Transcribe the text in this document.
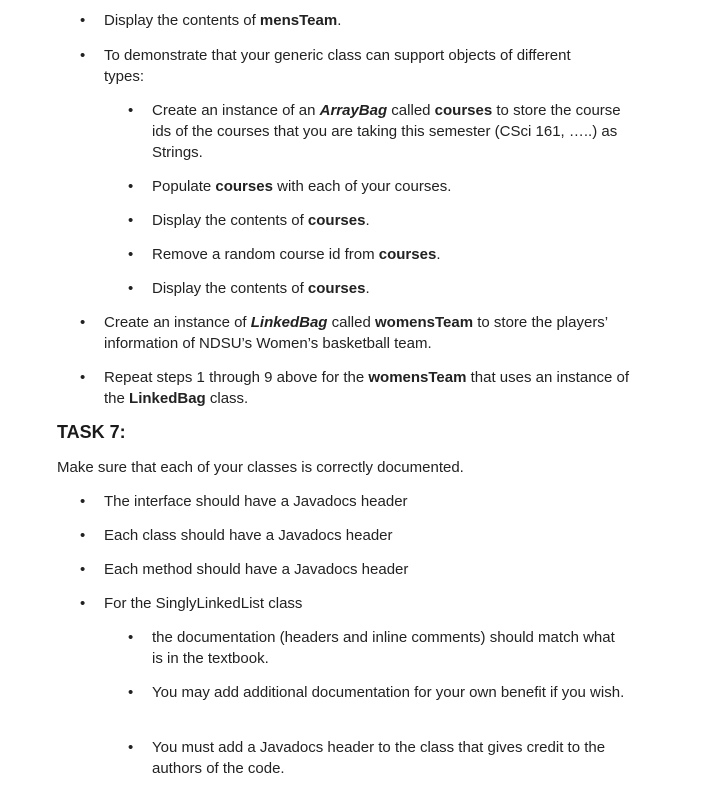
• Display the contents of mensTeam.
• To demonstrate that your generic class can support objects of different types:
• Create an instance of an ArrayBag called courses to store the course ids of the courses that you are taking this semester (CSci 161, …..) as Strings.
• Populate courses with each of your courses.
• Display the contents of courses.
• Remove a random course id from courses.
• Display the contents of courses.
• Create an instance of LinkedBag called womensTeam to store the players’ information of NDSU’s Women’s basketball team.
• Repeat steps 1 through 9 above for the womensTeam that uses an instance of the LinkedBag class.
TASK 7:
Make sure that each of your classes is correctly documented.
• The interface should have a Javadocs header
• Each class should have a Javadocs header
• Each method should have a Javadocs header
• For the SinglyLinkedList class
• the documentation (headers and inline comments) should match what is in the textbook.
• You may add additional documentation for your own benefit if you wish.
• You must add a Javadocs header to the class that gives credit to the authors of the code.
